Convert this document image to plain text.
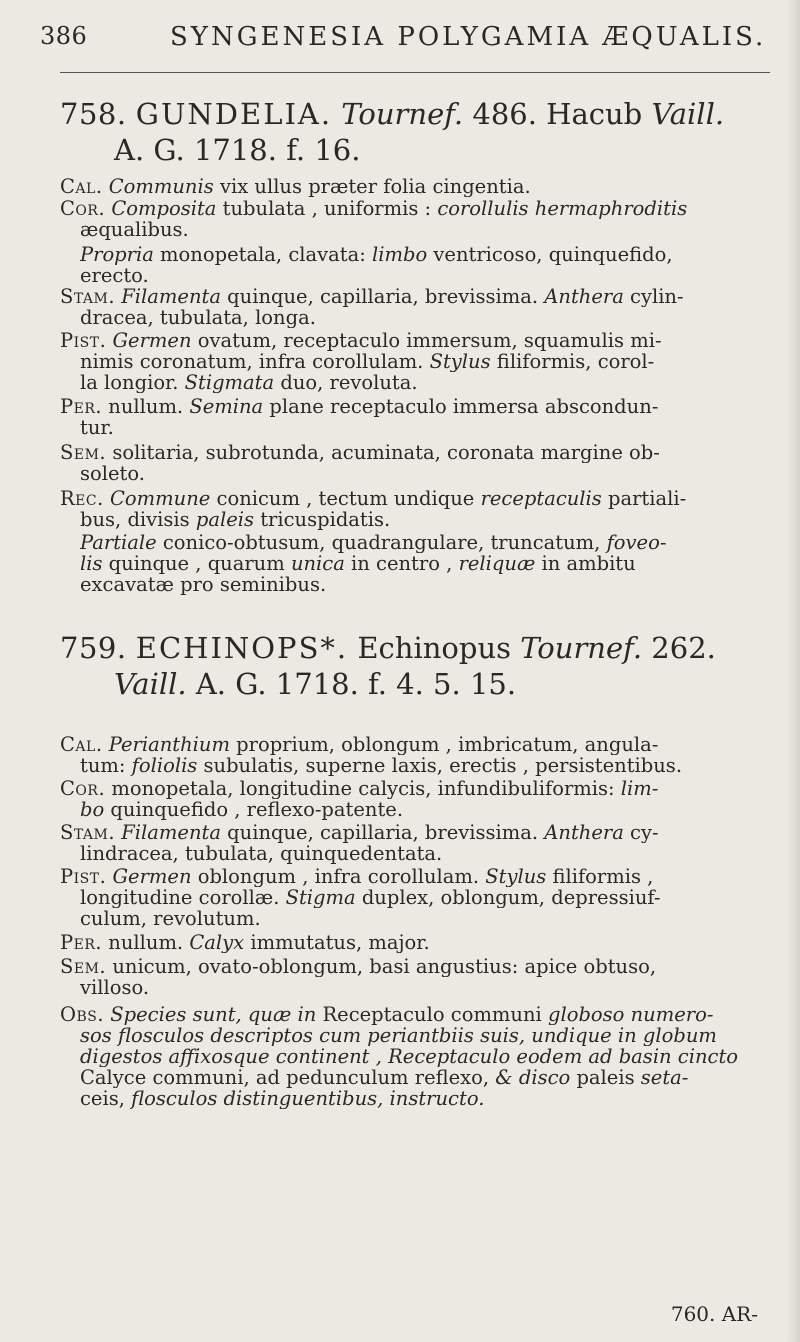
386	SYNGENESIA POLYGAMIA ÆQUALIS.
758. GUNDELIA. Tournef. 486. Hacub Vaill.
A. G. 1718. f. 16.
Cal. Communis vix ullus præter folia cingentia.
Cor. Composita tubulata , uniformis : corollulis hermaphroditis
æqualibus.
Propria monopetala, clavata: limbo ventricoso, quinquefido,
erecto.
Stam. Filamenta quinque, capillaria, brevissima. Anthera cylin-
dracea, tubulata, longa.
Pist. Germen ovatum, receptaculo immersum, squamulis mi-
nimis coronatum, infra corollulam. Stylus filiformis, corol-
la longior. Stigmata duo, revoluta.
Per. nullum. Semina plane receptaculo immersa abscondun-
tur.
Sem. solitaria, subrotunda, acuminata, coronata margine ob-
soleto.
Rec. Commune conicum , tectum undique receptaculis partiali-
bus, divisis paleis tricuspidatis.
Partiale conico-obtusum, quadrangulare, truncatum, foveo-
lis quinque , quarum unica in centro , reliquæ in ambitu
excavatæ pro seminibus.
759. ECHINOPS*. Echinopus Tournef. 262.
Vaill. A. G. 1718. f. 4. 5. 15.
Cal. Perianthium proprium, oblongum , imbricatum, angula-
tum: foliolis subulatis, superne laxis, erectis , persistentibus.
Cor. monopetala, longitudine calycis, infundibuliformis: lim-
bo quinquefido , reflexo-patente.
Stam. Filamenta quinque, capillaria, brevissima. Anthera cy-
lindracea, tubulata, quinquedentata.
Pist. Germen oblongum , infra corollulam. Stylus filiformis ,
longitudine corollæ. Stigma duplex, oblongum, depressiuf-
culum, revolutum.
Per. nullum. Calyx immutatus, major.
Sem. unicum, ovato-oblongum, basi angustius: apice obtuso,
villoso.
Obs. Species sunt, quæ in Receptaculo communi globoso numero-
sos flosculos descriptos cum periantbiis suis, undique in globum
digestos affixosque continent , Receptaculo eodem ad basin cincto
Calyce communi, ad pedunculum reflexo, & disco paleis seta-
ceis, flosculos distinguentibus, instructo.
760. AR-
